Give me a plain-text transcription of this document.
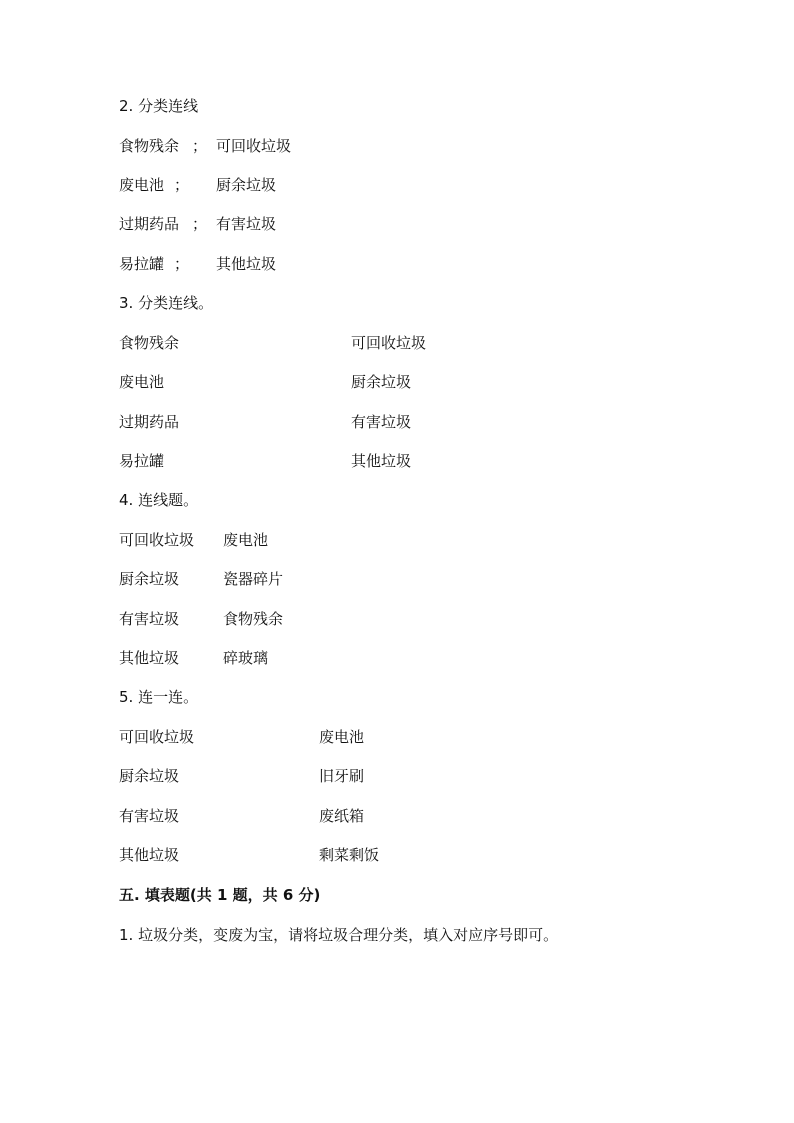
2. 分类连线
食物残余 ； 可回收垃圾
废电池 ； 厨余垃圾
过期药品 ； 有害垃圾
易拉罐 ； 其他垃圾
3. 分类连线。
食物残余	可回收垃圾
废电池	厨余垃圾
过期药品	有害垃圾
易拉罐	其他垃圾
4. 连线题。
可回收垃圾 废电池
厨余垃圾	瓷器碎片
有害垃圾	食物残余
其他垃圾	碎玻璃
5. 连一连。
可回收垃圾	废电池
厨余垃圾	旧牙刷
有害垃圾	废纸箱
其他垃圾	剩菜剩饭
五. 填表题(共 1 题，共 6 分)
1. 垃圾分类，变废为宝，请将垃圾合理分类，填入对应序号即可。
